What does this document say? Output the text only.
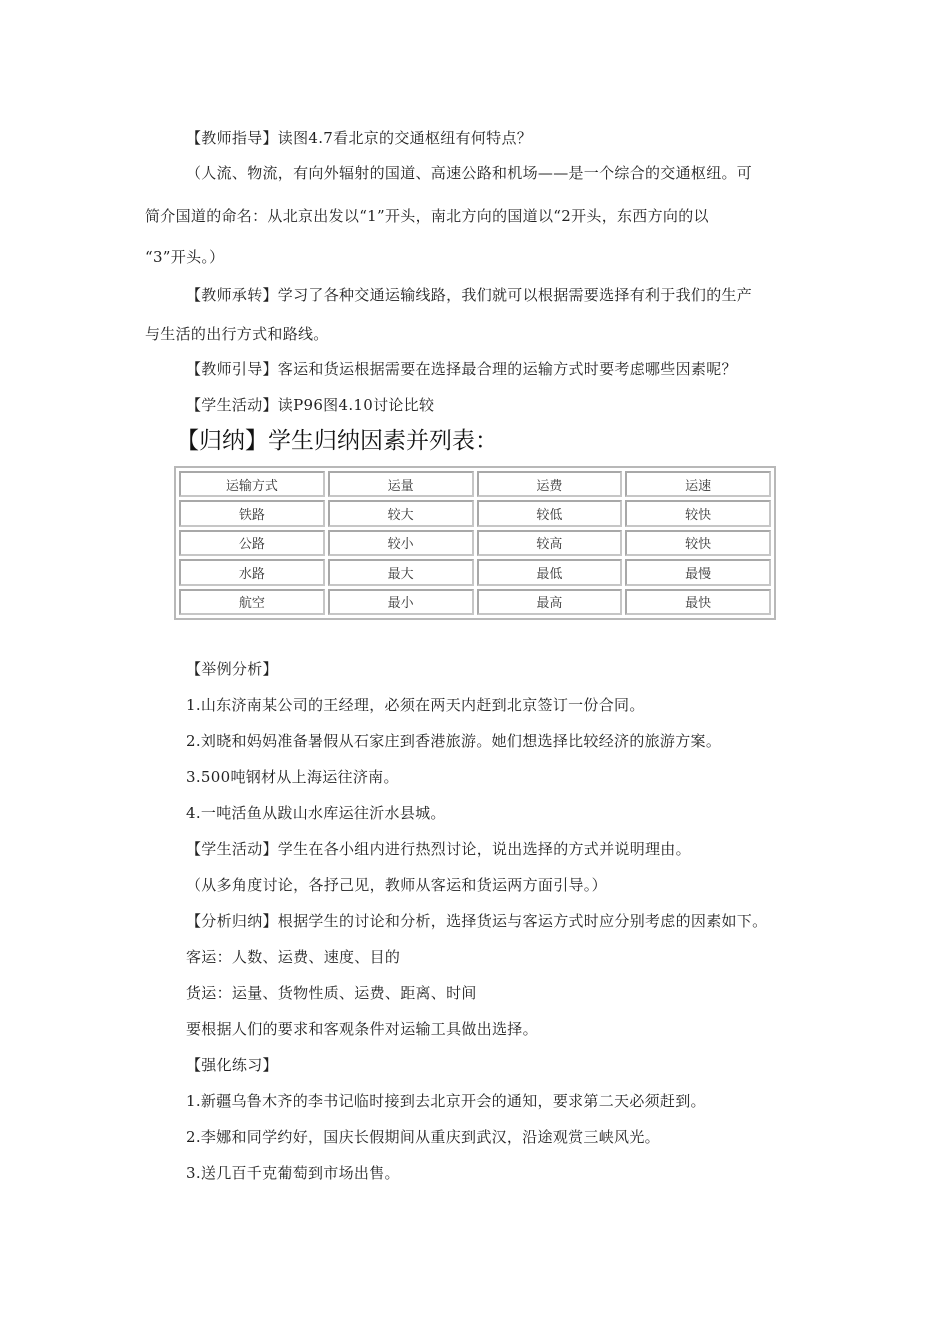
【教师指导】读图4.7看北京的交通枢纽有何特点？
（人流、物流，有向外辐射的国道、高速公路和机场——是一个综合的交通枢纽。可
简介国道的命名：从北京出发以“1”开头，南北方向的国道以“2开头，东西方向的以
“3”开头。）
【教师承转】学习了各种交通运输线路，我们就可以根据需要选择有利于我们的生产
与生活的出行方式和路线。
【教师引导】客运和货运根据需要在选择最合理的运输方式时要考虑哪些因素呢？
【学生活动】读P96图4.10讨论比较
【归纳】学生归纳因素并列表：
运输方式	运量	运费	运速
铁路	较大	较低	较快
公路	较小	较高	较快
水路	最大	最低	最慢
航空	最小	最高	最快
【举例分析】
1.山东济南某公司的王经理，必须在两天内赶到北京签订一份合同。
2.刘晓和妈妈准备暑假从石家庄到香港旅游。她们想选择比较经济的旅游方案。
3.500吨钢材从上海运往济南。
4.一吨活鱼从跋山水库运往沂水县城。
【学生活动】学生在各小组内进行热烈讨论，说出选择的方式并说明理由。
（从多角度讨论，各抒己见，教师从客运和货运两方面引导。）
【分析归纳】根据学生的讨论和分析，选择货运与客运方式时应分别考虑的因素如下。
客运：人数、运费、速度、目的
货运：运量、货物性质、运费、距离、时间
要根据人们的要求和客观条件对运输工具做出选择。
【强化练习】
1.新疆乌鲁木齐的李书记临时接到去北京开会的通知，要求第二天必须赶到。
2.李娜和同学约好，国庆长假期间从重庆到武汉，沿途观赏三峡风光。
3.送几百千克葡萄到市场出售。
